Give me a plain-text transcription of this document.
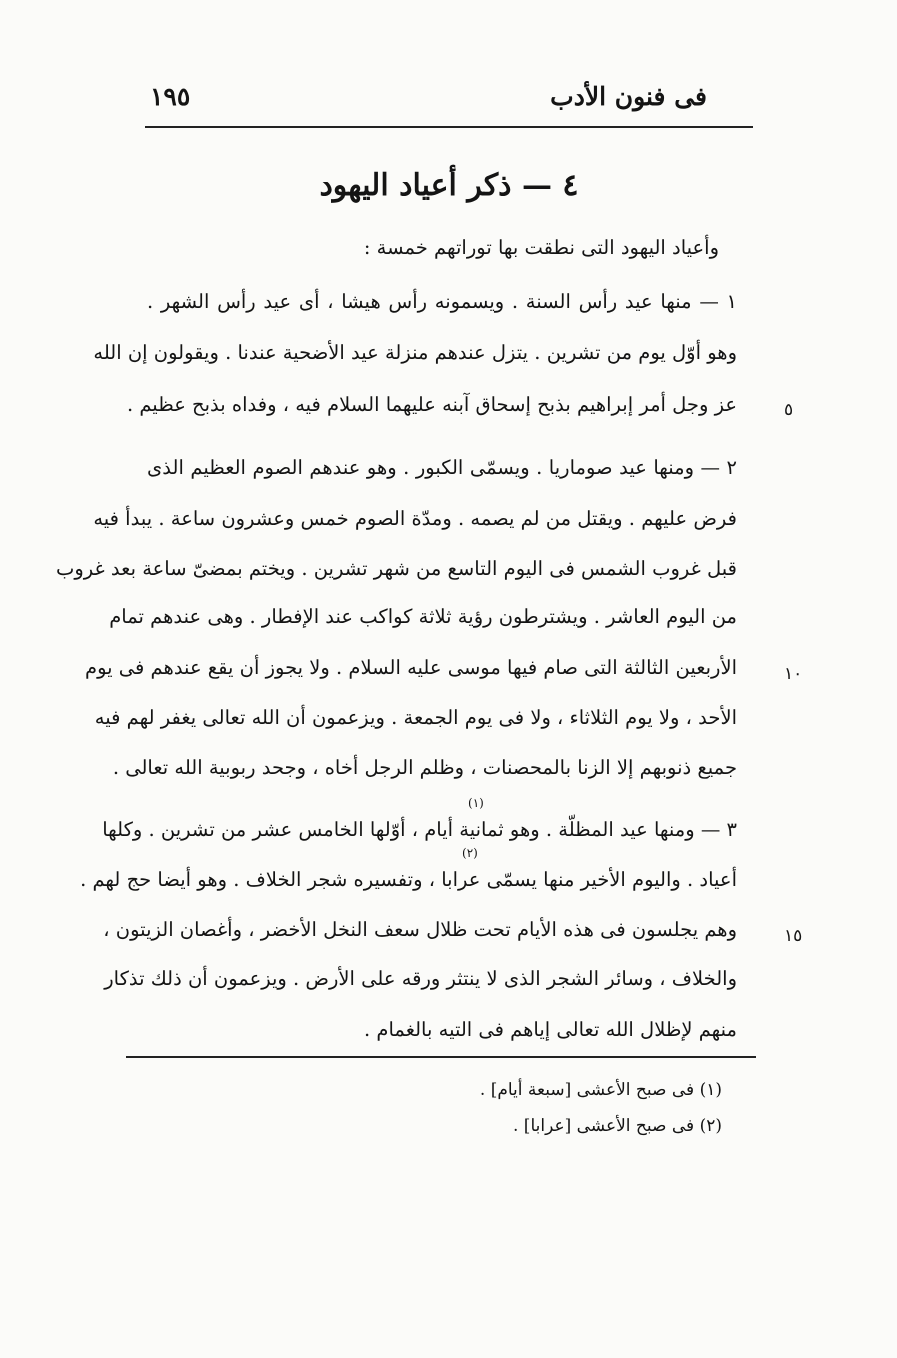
فى فنون الأدب
١٩٥
٤ — ذكر أعياد اليهود
وأعياد اليهود التى نطقت بها توراتهم خمسة :
١ — منها عيد رأس السنة . ويسمونه رأس هيشا ، أى عيد رأس الشهر .
وهو أوّل يوم من تشرين . يتزل عندهم منزلة عيد الأضحية عندنا . ويقولون إن الله
عز وجل أمر إبراهيم بذبح إسحاق آبنه عليهما السلام فيه ، وفداه بذبح عظيم .	٥
٢ — ومنها عيد صوماريا . ويسمّى الكبور . وهو عندهم الصوم العظيم الذى
فرض عليهم . ويقتل من لم يصمه . ومدّة الصوم خمس وعشرون ساعة . يبدأ فيه
قبل غروب الشمس فى اليوم التاسع من شهر تشرين . ويختم بمضىّ ساعة بعد غروب
من اليوم العاشر . ويشترطون رؤية ثلاثة كواكب عند الإفطار . وهى عندهم تمام
الأربعين الثالثة التى صام فيها موسى عليه السلام . ولا يجوز أن يقع عندهم فى يوم	١٠
الأحد ، ولا يوم الثلاثاء ، ولا فى يوم الجمعة . ويزعمون أن الله تعالى يغفر لهم فيه
جميع ذنوبهم إلا الزنا بالمحصنات ، وظلم الرجل أخاه ، وجحد ربوبية الله تعالى .
(١)
٣ — ومنها عيد المظلّة . وهو ثمانية أيام ، أوّلها الخامس عشر من تشرين . وكلها
(٢)
أعياد . واليوم الأخير منها يسمّى عرابا ، وتفسيره شجر الخلاف . وهو أيضا حج لهم .
وهم يجلسون فى هذه الأيام تحت ظلال سعف النخل الأخضر ، وأغصان الزيتون ،	١٥
والخلاف ، وسائر الشجر الذى لا ينتثر ورقه على الأرض . ويزعمون أن ذلك تذكار
منهم لإظلال الله تعالى إياهم فى التيه بالغمام .
(١) فى صبح الأعشى [سبعة أيام] .
(٢) فى صبح الأعشى [عرابا] .
